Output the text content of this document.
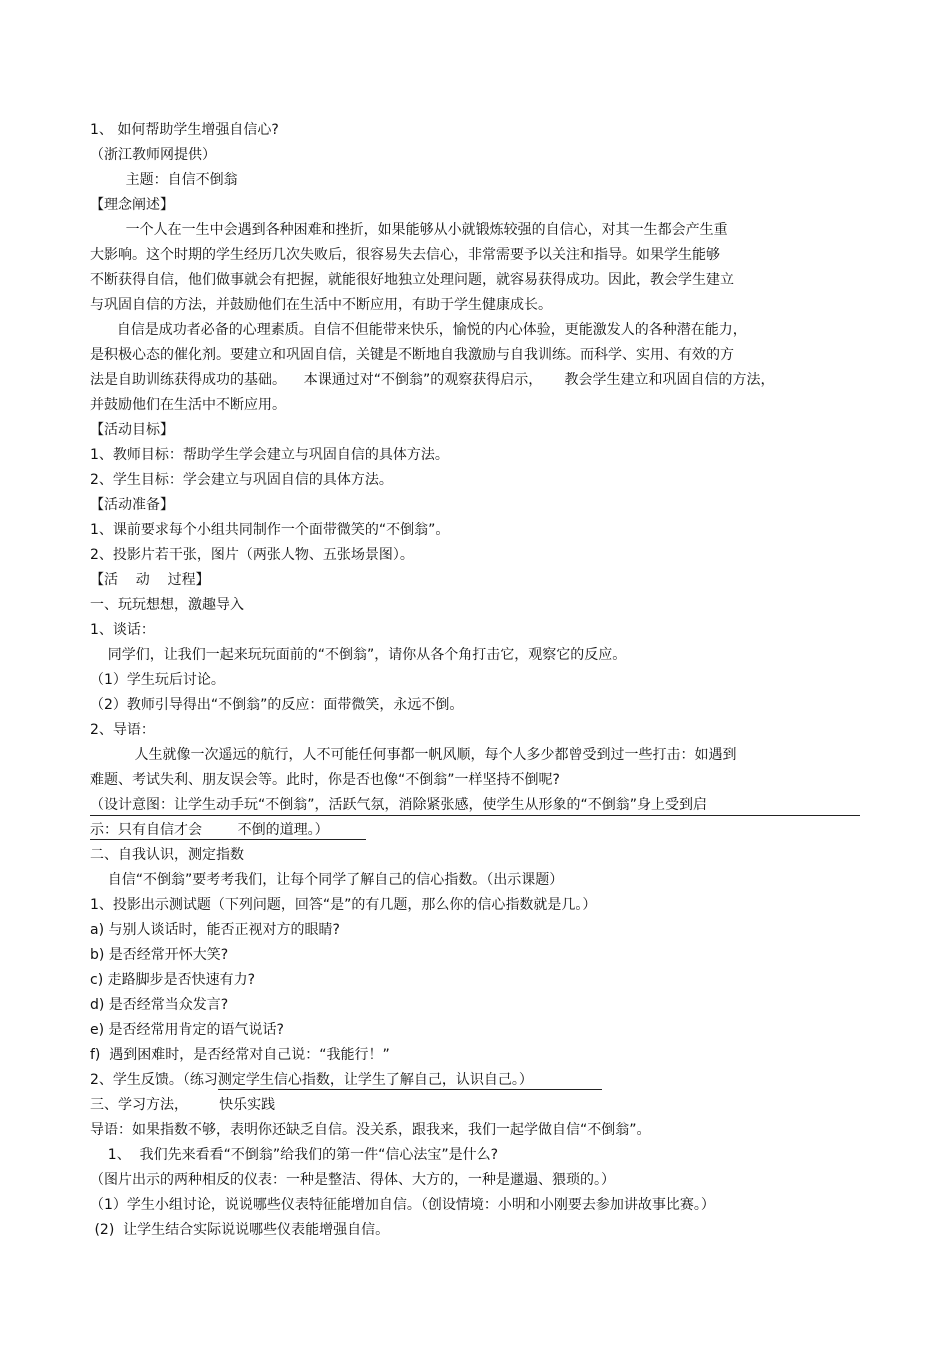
1、 如何帮助学生增强自信心?

（浙江教师网提供）

主题：自信不倒翁

【理念阐述】

一个人在一生中会遇到各种困难和挫折，如果能够从小就锻炼较强的自信心，对其一生都会产生重

大影响。这个时期的学生经历几次失败后，很容易失去信心，非常需要予以关注和指导。如果学生能够

不断获得自信，他们做事就会有把握，就能很好地独立处理问题，就容易获得成功。因此，教会学生建立

与巩固自信的方法，并鼓励他们在生活中不断应用，有助于学生健康成长。

自信是成功者必备的心理素质。自信不但能带来快乐，愉悦的内心体验，更能激发人的各种潜在能力，

是积极心态的催化剂。要建立和巩固自信，关键是不断地自我激励与自我训练。而科学、实用、有效的方

法是自助训练获得成功的基础。    本课通过对“不倒翁”的观察获得启示，     教会学生建立和巩固自信的方法，

并鼓励他们在生活中不断应用。

【活动目标】

1、教师目标：帮助学生学会建立与巩固自信的具体方法。

2、学生目标：学会建立与巩固自信的具体方法。

【活动准备】

1、课前要求每个小组共同制作一个面带微笑的“不倒翁”。

2、投影片若干张，图片（两张人物、五张场景图）。

【活    动    过程】

一、玩玩想想，激趣导入

1、谈话：

同学们，让我们一起来玩玩面前的“不倒翁”，请你从各个角打击它，观察它的反应。

（1）学生玩后讨论。

（2）教师引导得出“不倒翁”的反应：面带微笑，永远不倒。

2、导语：

人生就像一次遥远的航行，人不可能任何事都一帆风顺，每个人多少都曾受到过一些打击：如遇到

难题、考试失利、朋友误会等。此时，你是否也像“不倒翁”一样坚持不倒呢?

（设计意图：让学生动手玩“不倒翁”，活跃气氛，消除紧张感，使学生从形象的“不倒翁”身上受到启

示：只有自信才会        不倒的道理。）

二、自我认识，测定指数

自信“不倒翁”要考考我们，让每个同学了解自己的信心指数。（出示课题）

1、投影出示测试题（下列问题，回答“是”的有几题，那么你的信心指数就是几。）

a) 与别人谈话时，能否正视对方的眼睛?

b) 是否经常开怀大笑?

c) 走路脚步是否快速有力?

d) 是否经常当众发言?

e) 是否经常用肯定的语气说话?

f)  遇到困难时，是否经常对自己说：“我能行！”

2、学生反馈。（练习测定学生信心指数，让学生了解自己，认识自己。）

三、学习方法，       快乐实践

导语：如果指数不够，表明你还缺乏自信。没关系，跟我来，我们一起学做自信“不倒翁”。

1、  我们先来看看“不倒翁”给我们的第一件“信心法宝”是什么?

（图片出示的两种相反的仪表：一种是整洁、得体、大方的，一种是邋遢、猥琐的。）

（1）学生小组讨论，说说哪些仪表特征能增加自信。（创设情境：小明和小刚要去参加讲故事比赛。）

(2)  让学生结合实际说说哪些仪表能增强自信。
